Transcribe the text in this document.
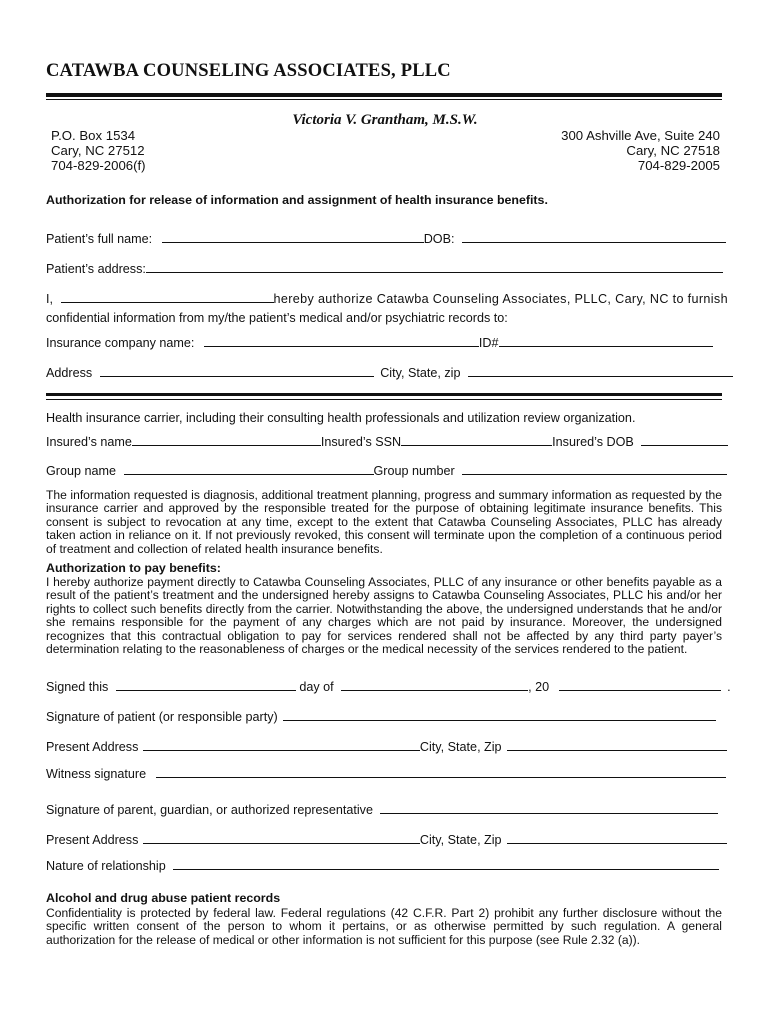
CATAWBA COUNSELING ASSOCIATES, PLLC
Victoria V. Grantham, M.S.W.
P.O. Box 1534
Cary, NC 27512
704-829-2006(f)
300 Ashville Ave, Suite 240
Cary, NC 27518
704-829-2005
Authorization for release of information and assignment of health insurance benefits.
Patient’s full name:	DOB:
Patient’s address:
I,	hereby authorize Catawba Counseling Associates, PLLC, Cary, NC to furnish
confidential information from my/the patient’s medical and/or psychiatric records to:
Insurance company name:	ID#
Address	City, State, zip
Health insurance carrier, including their consulting health professionals and utilization review organization.
Insured’s name	Insured’s SSN	Insured’s DOB
Group name	Group number

The information requested is diagnosis, additional treatment planning, progress and summary information as requested by the insurance carrier and approved by the responsible treated for the purpose of obtaining legitimate insurance benefits. This consent is subject to revocation at any time, except to the extent that Catawba Counseling Associates, PLLC has already taken action in reliance on it. If not previously revoked, this consent will terminate upon the completion of a continuous period of treatment and collection of related health insurance benefits.

Authorization to pay benefits:

I hereby authorize payment directly to Catawba Counseling Associates, PLLC of any insurance or other benefits payable as a result of the patient’s treatment and the undersigned hereby assigns to Catawba Counseling Associates, PLLC his and/or her rights to collect such benefits directly from the carrier. Notwithstanding the above, the undersigned understands that he and/or she remains responsible for the payment of any charges which are not paid by insurance. Moreover, the undersigned recognizes that this contractual obligation to pay for services rendered shall not be affected by any third party payer’s determination relating to the reasonableness of charges or the medical necessity of the services rendered to the patient.

Signed this	day of	, 20	.
Signature of patient (or responsible party)
Present Address	City, State, Zip
Witness signature
Signature of parent, guardian, or authorized representative
Present Address	City, State, Zip
Nature of relationship
Alcohol and drug abuse patient records

Confidentiality is protected by federal law. Federal regulations (42 C.F.R. Part 2) prohibit any further disclosure without the specific written consent of the person to whom it pertains, or as otherwise permitted by such regulation. A general authorization for the release of medical or other information is not sufficient for this purpose (see Rule 2.32 (a)).
